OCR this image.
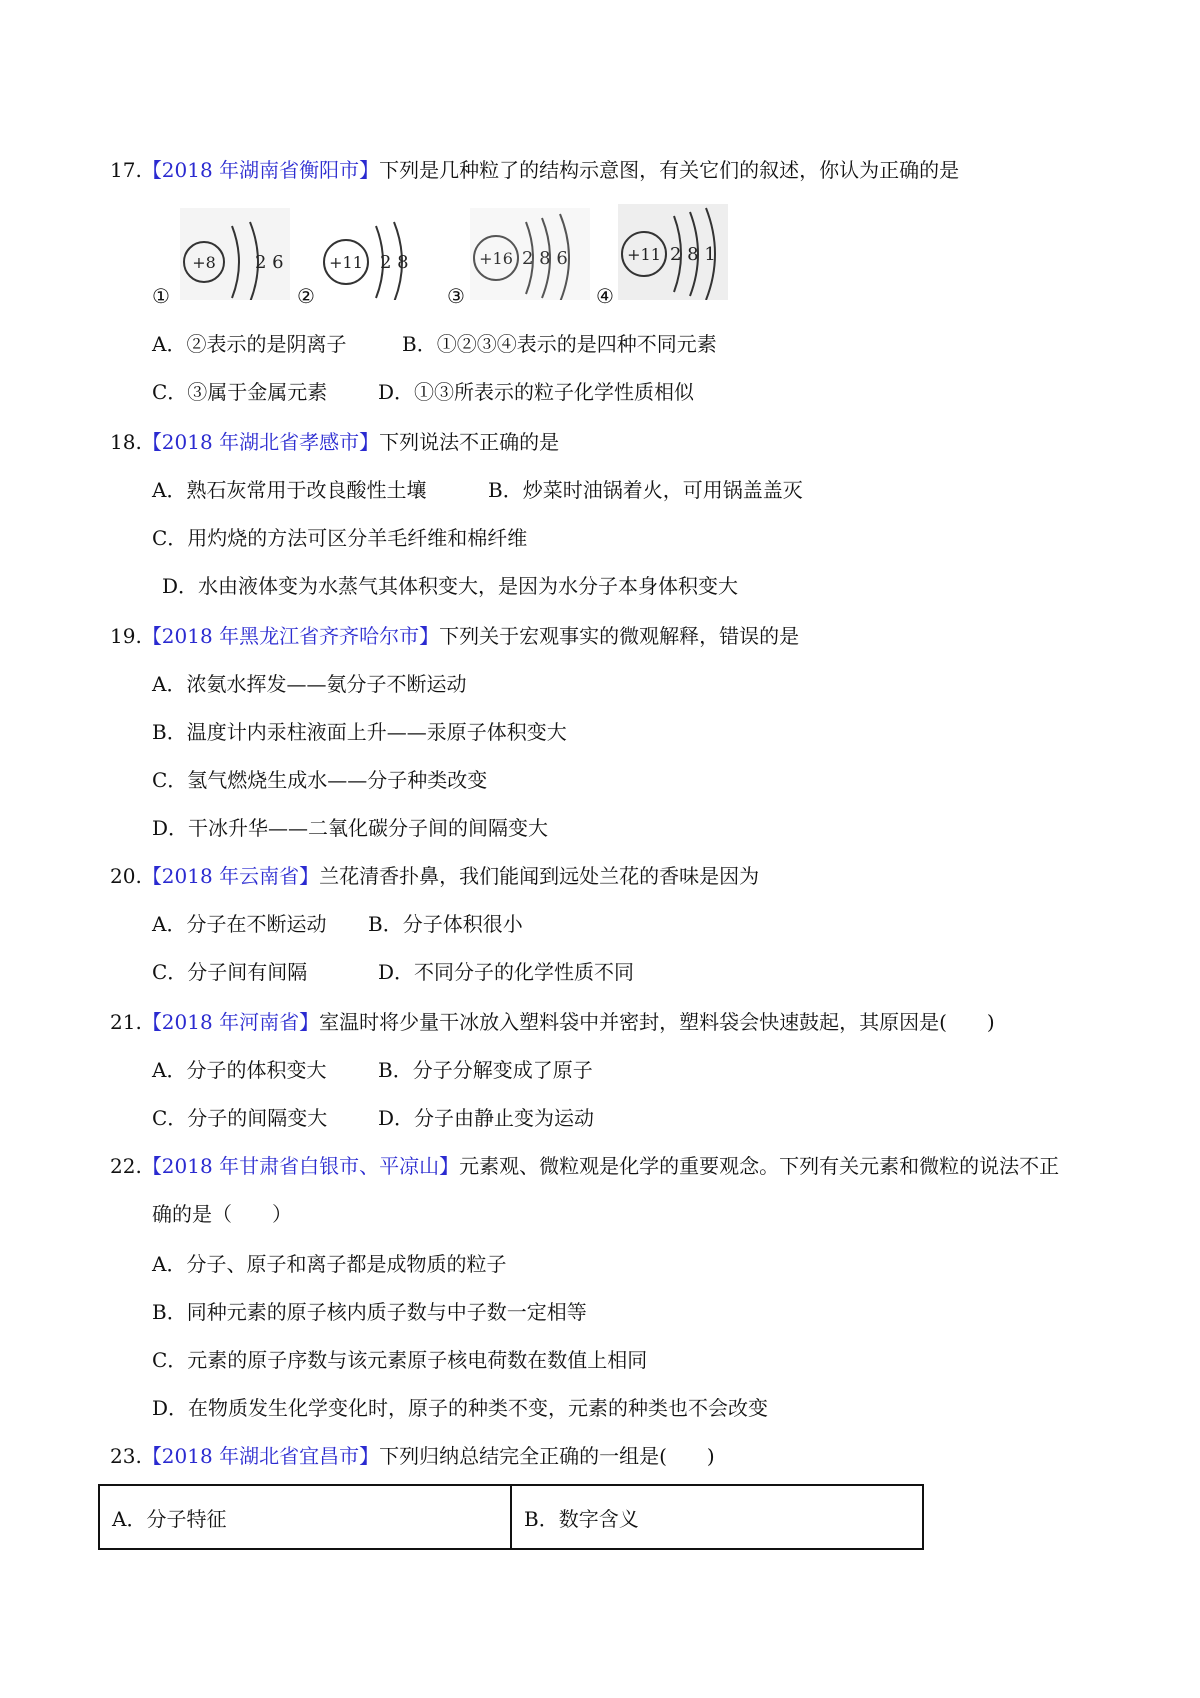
17.【2018 年湖南省衡阳市】下列是几种粒了的结构示意图，有关它们的叙述，你认为正确的是
+8 2 6
①
+11 2 8
②
+16 2 8 6
③
+11 2 8 1
④
A．②表示的是阴离子	B．①②③④表示的是四种不同元素
C．③属于金属元素	D．①③所表示的粒子化学性质相似
18.【2018 年湖北省孝感市】下列说法不正确的是
A．熟石灰常用于改良酸性土壤	B．炒菜时油锅着火，可用锅盖盖灭
C．用灼烧的方法可区分羊毛纤维和棉纤维
D．水由液体变为水蒸气其体积变大，是因为水分子本身体积变大
19.【2018 年黑龙江省齐齐哈尔市】下列关于宏观事实的微观解释，错误的是
A．浓氨水挥发——氨分子不断运动
B．温度计内汞柱液面上升——汞原子体积变大
C．氢气燃烧生成水——分子种类改变
D．干冰升华——二氧化碳分子间的间隔变大
20.【2018 年云南省】兰花清香扑鼻，我们能闻到远处兰花的香味是因为
A．分子在不断运动 B．分子体积很小
C．分子间有间隔	D．不同分子的化学性质不同
21.【2018 年河南省】室温时将少量干冰放入塑料袋中并密封，塑料袋会快速鼓起，其原因是(　　)
A．分子的体积变大	B．分子分解变成了原子
C．分子的间隔变大	D．分子由静止变为运动
22.【2018 年甘肃省白银市、平凉山】元素观、微粒观是化学的重要观念。下列有关元素和微粒的说法不正
确的是（　　）
A．分子、原子和离子都是成物质的粒子
B．同种元素的原子核内质子数与中子数一定相等
C．元素的原子序数与该元素原子核电荷数在数值上相同
D．在物质发生化学变化时，原子的种类不变，元素的种类也不会改变
23.【2018 年湖北省宜昌市】下列归纳总结完全正确的一组是(　　)
A．分子特征	B．数字含义
